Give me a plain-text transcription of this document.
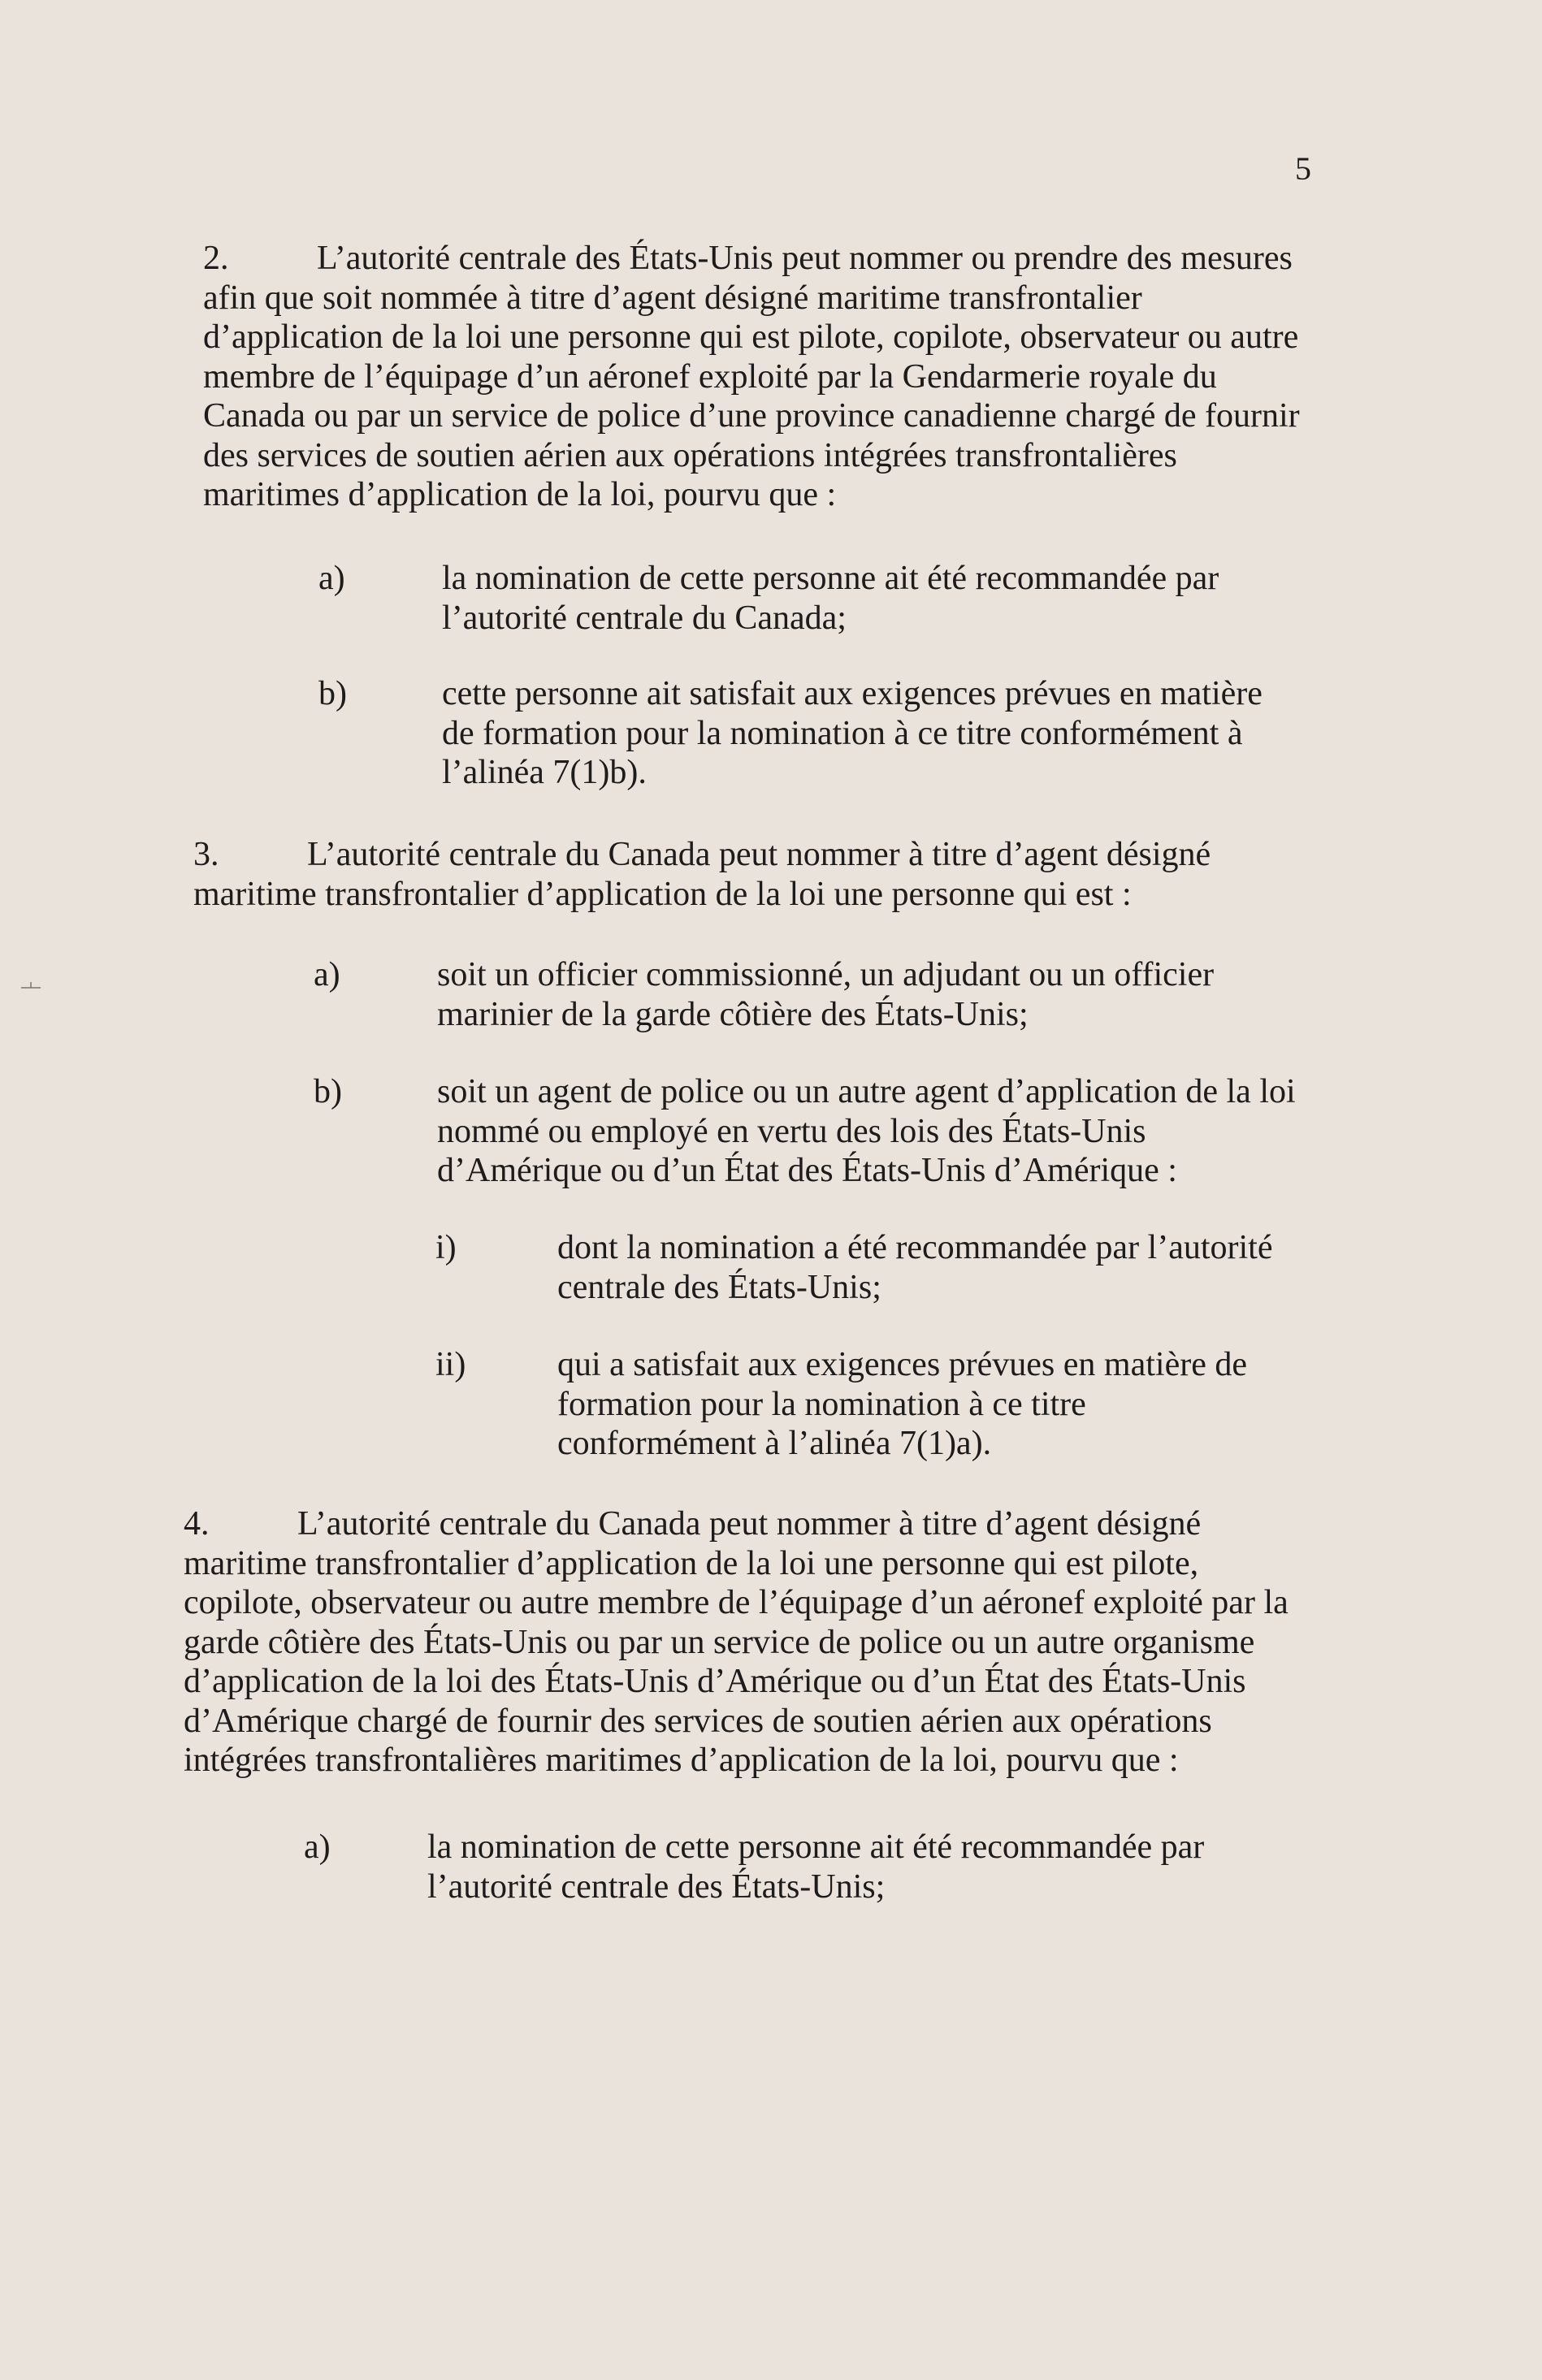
5

2.	L’autorité centrale des États-Unis peut nommer ou prendre des mesures afin que soit nommée à titre d’agent désigné maritime transfrontalier d’application de la loi une personne qui est pilote, copilote, observateur ou autre membre de l’équipage d’un aéronef exploité par la Gendarmerie royale du Canada ou par un service de police d’une province canadienne chargé de fournir des services de soutien aérien aux opérations intégrées transfrontalières maritimes d’application de la loi, pourvu que :

a)	la nomination de cette personne ait été recommandée par l’autorité centrale du Canada;
b)	cette personne ait satisfait aux exigences prévues en matière de formation pour la nomination à ce titre conformément à l’alinéa 7(1)b).

3.	L’autorité centrale du Canada peut nommer à titre d’agent désigné maritime transfrontalier d’application de la loi une personne qui est :

a)	soit un officier commissionné, un adjudant ou un officier marinier de la garde côtière des États-Unis;
b)	soit un agent de police ou un autre agent d’application de la loi nommé ou employé en vertu des lois des États-Unis d’Amérique ou d’un État des États-Unis d’Amérique :
i)	dont la nomination a été recommandée par l’autorité centrale des États-Unis;
ii)	qui a satisfait aux exigences prévues en matière de formation pour la nomination à ce titre conformément à l’alinéa 7(1)a).

4.	L’autorité centrale du Canada peut nommer à titre d’agent désigné maritime transfrontalier d’application de la loi une personne qui est pilote, copilote, observateur ou autre membre de l’équipage d’un aéronef exploité par la garde côtière des États-Unis ou par un service de police ou un autre organisme d’application de la loi des États-Unis d’Amérique ou d’un État des États-Unis d’Amérique chargé de fournir des services de soutien aérien aux opérations intégrées transfrontalières maritimes d’application de la loi, pourvu que :

a)	la nomination de cette personne ait été recommandée par l’autorité centrale des États-Unis;
